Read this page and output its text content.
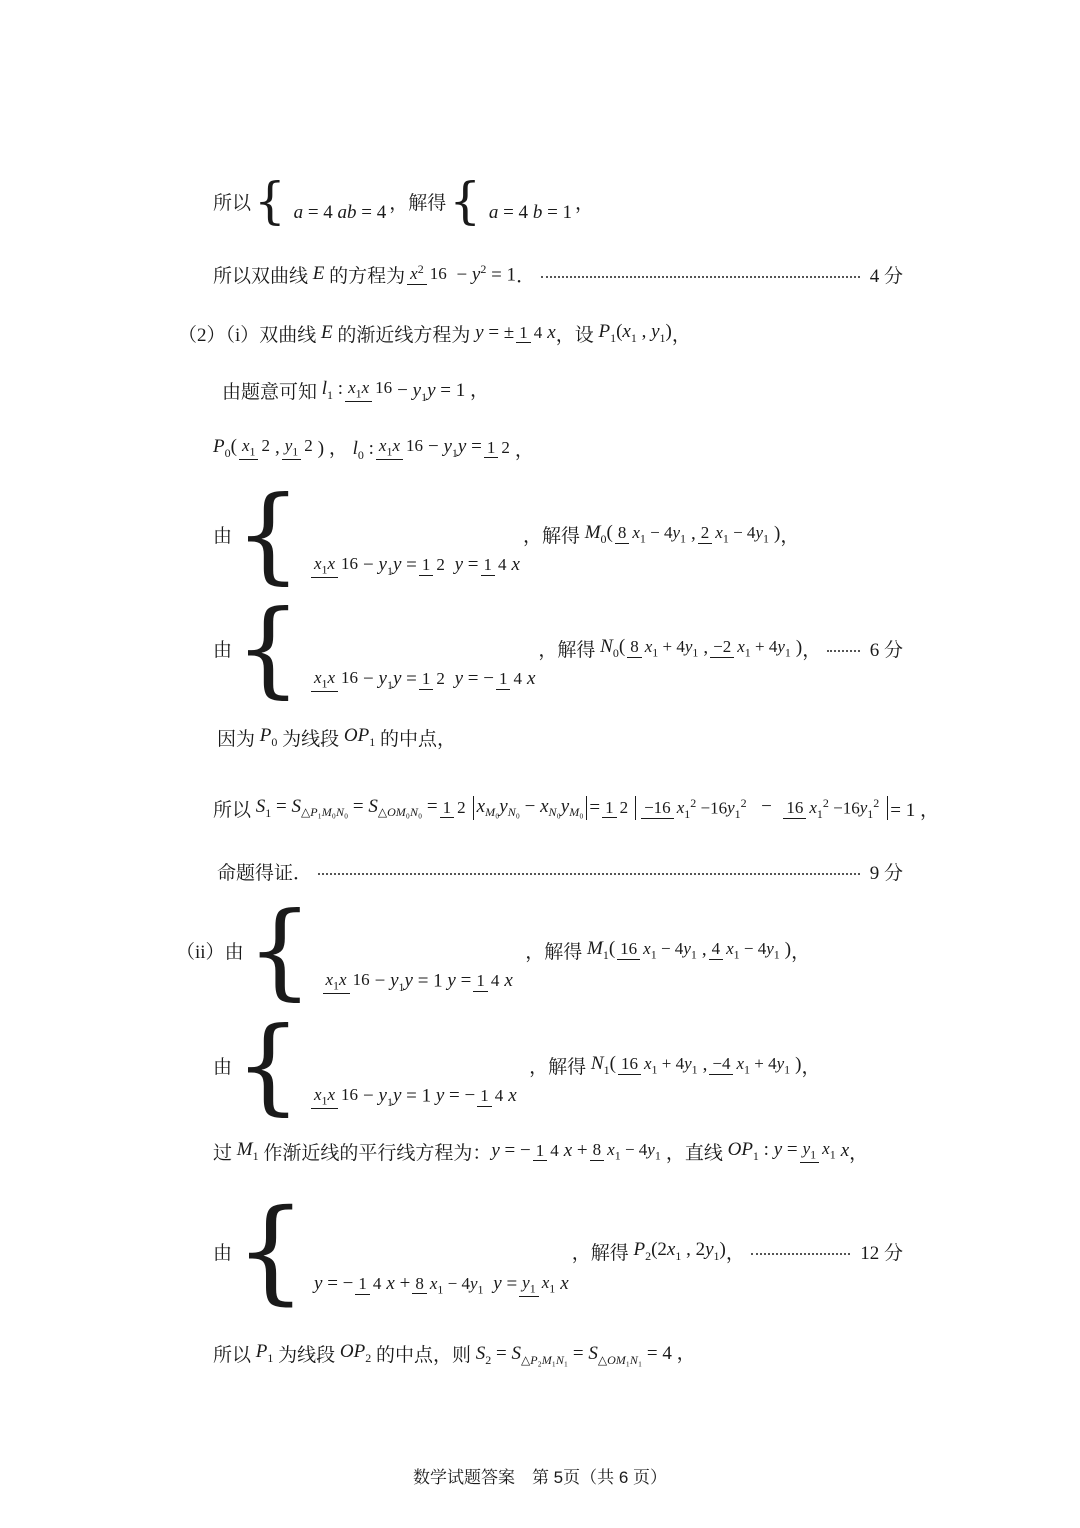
所以 { a = 4 ab = 4 ，解得 { a = 4 b = 1 ，
所以双曲线 E 的方程为 $x^2$ $16 - y^2 = 1$ ．	4 分
（2）（i）双曲线 E 的渐近线方程为 y = ± 1 4 x ，设 $P_1(x_1$ , $y_1$) ，
由题意可知 $l_1$ : $x_1x$ $16 - y_1y = 1$ ，
$P_0$( $x_1$ 2 , $y_1$ 2 ) ， $l_0$ : $x_1x$ $16 - y_1y = 1$ 2 ，
由 { $x_1x$ $16 - y_1y = 1$ 2 y = 1 4 x
，解得 $M_0$( 8 $x_1 - 4y_1$ , 2 $x_1 - 4y_1$ ) ，
由 { $x_1x$ $16 - y_1y = 1$ 2 y = − 1 4 x
，解得 $N_0$( 8 $x_1 + 4y_1$ , −2 $x_1 + 4y_1$ ) ，	6 分
因为 $P_0$ 为线段 $OP_1$ 的中点，
所以 $S_1 = S_{\triangle P_1M_0N_0} = S_{\triangle OM_0N_0} = 1$ 2 $x_{M_0}y_{N_0} - x_{N_0}y_{M_0} = 1$ 2 −16 $x_1^2 -16y_1^2 - 16$ $x_1^2 -16y_1^2 = 1$ ，
命题得证．	9 分
（ii） 由 { $x_1x$ $16 - y_1y = 1$ y = 1 4 x

，解得 $M_1$( 16 $x_1 - 4y_1$ , 4 $x_1 - 4y_1$ ) ，
由 { $x_1x$ $16 - y_1y = 1$ y = − 1 4 x

，解得 $N_1$( 16 $x_1 + 4y_1$ , −4 $x_1 + 4y_1$ ) ，
过 $M_1$ 作渐近线的平行线方程为： y = − 1 4 x + 8 $x_1 - 4y_1$ ，直线 $OP_1$ : $y = y_1$ $x_1$ x ，
由 { y = − 1 4 x + 8 $x_1 - 4y_1$ $y = y_1$ $x_1$ x
，解得 $P_2(2x_1$ , $2y_1$) ，	12 分
所以 $P_1$ 为线段 $OP_2$ 的中点，则 $S_2 = S_{\triangle P_2M_1N_1} = S_{\triangle OM_1N_1} = 4$ ，
数学试题答案　第 5页（共 6 页）
